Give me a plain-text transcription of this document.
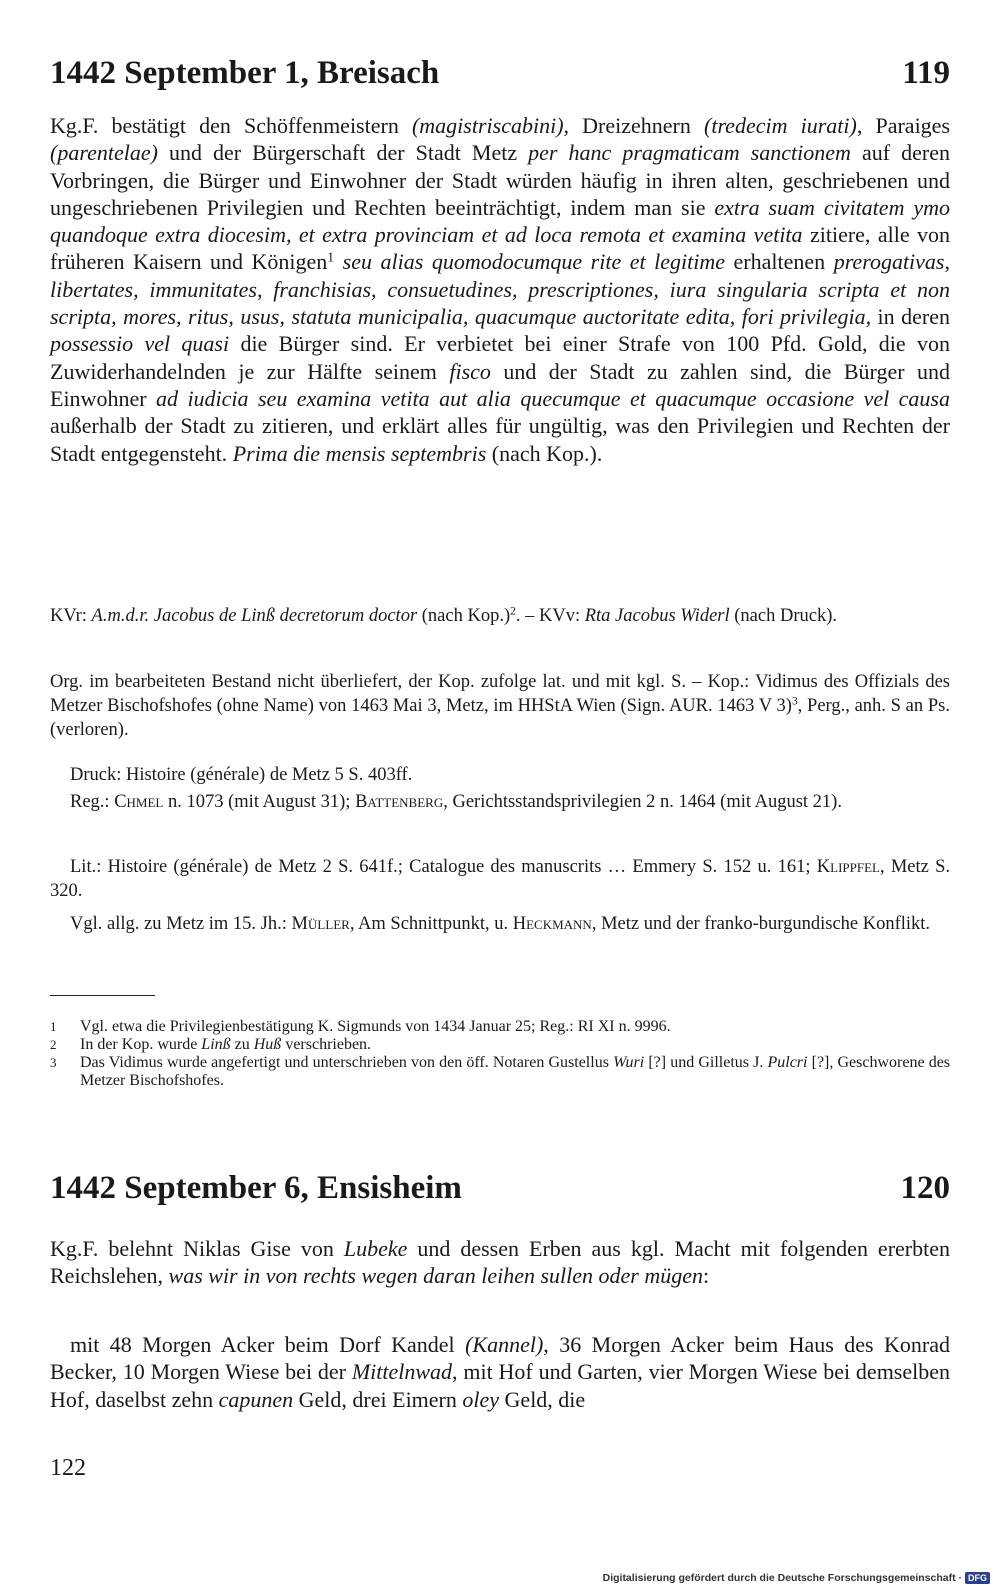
1442 September 1, Breisach	119

Kg.F. bestätigt den Schöffenmeistern (magistriscabini), Dreizehnern (tredecim iurati), Paraiges (parentelae) und der Bürgerschaft der Stadt Metz per hanc pragmaticam sanctionem auf deren Vorbringen, die Bürger und Einwohner der Stadt würden häufig in ihren alten, geschriebenen und ungeschriebenen Privilegien und Rechten beeinträchtigt, indem man sie extra suam civitatem ymo quandoque extra diocesim, et extra provinciam et ad loca remota et examina vetita zitiere, alle von früheren Kaisern und Königen$^1$ seu alias quomodocumque rite et legitime erhaltenen prerogativas, libertates, immunitates, franchisias, consuetudines, prescriptiones, iura singularia scripta et non scripta, mores, ritus, usus, statuta municipalia, quacumque auctoritate edita, fori privilegia, in deren possessio vel quasi die Bürger sind. Er verbietet bei einer Strafe von 100 Pfd. Gold, die von Zuwiderhandelnden je zur Hälfte seinem fisco und der Stadt zu zahlen sind, die Bürger und Einwohner ad iudicia seu examina vetita aut alia quecumque et quacumque occasione vel causa außerhalb der Stadt zu zitieren, und erklärt alles für ungültig, was den Privilegien und Rechten der Stadt entgegensteht. Prima die mensis septembris (nach Kop.).

KVr: A.m.d.r. Jacobus de Linß decretorum doctor (nach Kop.)$^2$. – KVv: Rta Jacobus Widerl (nach Druck).

Org. im bearbeiteten Bestand nicht überliefert, der Kop. zufolge lat. und mit kgl. S. – Kop.: Vidimus des Offizials des Metzer Bischofshofes (ohne Name) von 1463 Mai 3, Metz, im HHStA Wien (Sign. AUR. 1463 V 3)$^3$, Perg., anh. S an Ps. (verloren).

Druck: Histoire (générale) de Metz 5 S. 403ff.

Reg.: Chmel n. 1073 (mit August 31); Battenberg, Gerichtsstandsprivilegien 2 n. 1464 (mit August 21).

Lit.: Histoire (générale) de Metz 2 S. 641f.; Catalogue des manuscrits … Emmery S. 152 u. 161; Klippfel, Metz S. 320.

Vgl. allg. zu Metz im 15. Jh.: Müller, Am Schnittpunkt, u. Heckmann, Metz und der franko-burgundische Konflikt.

1	Vgl. etwa die Privilegienbestätigung K. Sigmunds von 1434 Januar 25; Reg.: RI XI n. 9996.
2	In der Kop. wurde Linß zu Huß verschrieben.
3	Das Vidimus wurde angefertigt und unterschrieben von den öff. Notaren Gustellus Wuri [?] und Gilletus J. Pulcri [?], Geschworene des Metzer Bischofshofes.
1442 September 6, Ensisheim	120

Kg.F. belehnt Niklas Gise von Lubeke und dessen Erben aus kgl. Macht mit folgenden ererbten Reichslehen, was wir in von rechts wegen daran leihen sullen oder mügen:

mit 48 Morgen Acker beim Dorf Kandel (Kannel), 36 Morgen Acker beim Haus des Konrad Becker, 10 Morgen Wiese bei der Mittelnwad, mit Hof und Garten, vier Morgen Wiese bei demselben Hof, daselbst zehn capunen Geld, drei Eimern oley Geld, die

122
Digitalisierung gefördert durch die Deutsche Forschungsgemeinschaft · DFG
